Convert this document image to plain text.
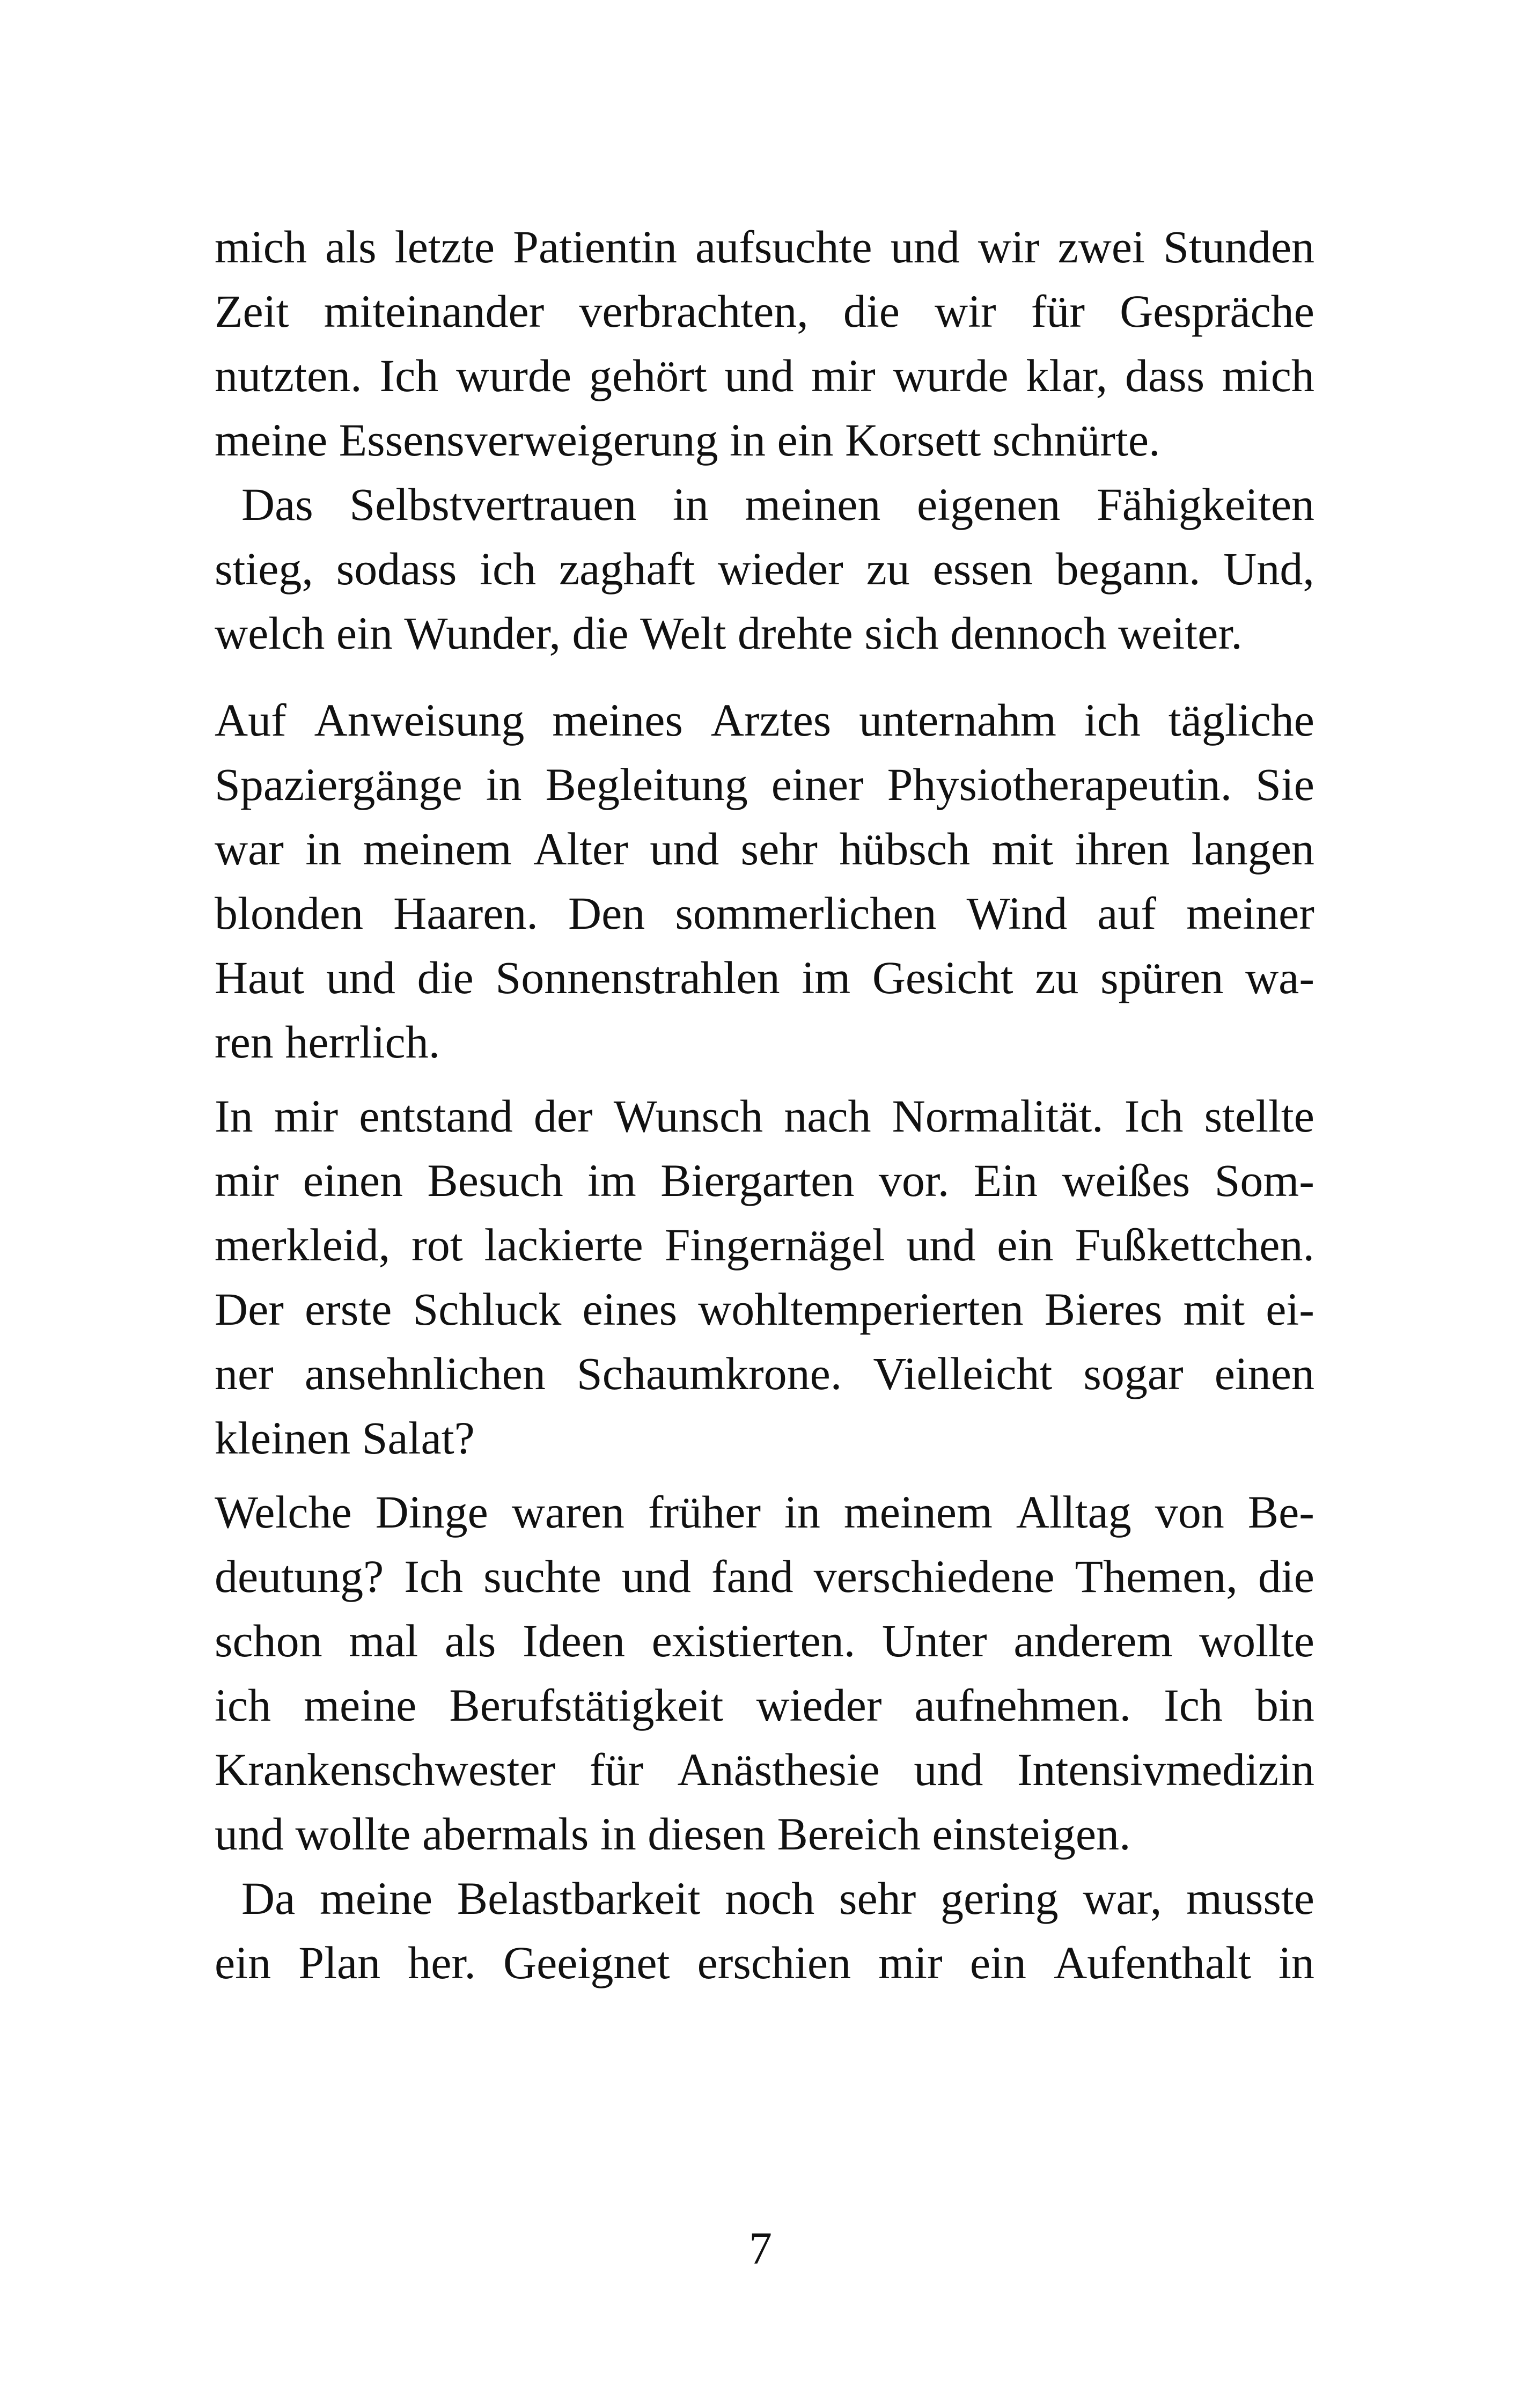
mich als letzte Patientin aufsuchte und wir zwei Stunden
Zeit miteinander verbrachten, die wir für Gespräche
nutzten. Ich wurde gehört und mir wurde klar, dass mich
meine Essensverweigerung in ein Korsett schnürte.
Das Selbstvertrauen in meinen eigenen Fähigkeiten
stieg, sodass ich zaghaft wieder zu essen begann. Und,
welch ein Wunder, die Welt drehte sich dennoch weiter.
Auf Anweisung meines Arztes unternahm ich tägliche
Spaziergänge in Begleitung einer Physiotherapeutin. Sie
war in meinem Alter und sehr hübsch mit ihren langen
blonden Haaren. Den sommerlichen Wind auf meiner
Haut und die Sonnenstrahlen im Gesicht zu spüren wa-
ren herrlich.
In mir entstand der Wunsch nach Normalität. Ich stellte
mir einen Besuch im Biergarten vor. Ein weißes Som-
merkleid, rot lackierte Fingernägel und ein Fußkettchen.
Der erste Schluck eines wohltemperierten Bieres mit ei-
ner ansehnlichen Schaumkrone. Vielleicht sogar einen
kleinen Salat?
Welche Dinge waren früher in meinem Alltag von Be-
deutung? Ich suchte und fand verschiedene Themen, die
schon mal als Ideen existierten. Unter anderem wollte
ich meine Berufstätigkeit wieder aufnehmen. Ich bin
Krankenschwester für Anästhesie und Intensivmedizin
und wollte abermals in diesen Bereich einsteigen.
Da meine Belastbarkeit noch sehr gering war, musste
ein Plan her. Geeignet erschien mir ein Aufenthalt in
7
